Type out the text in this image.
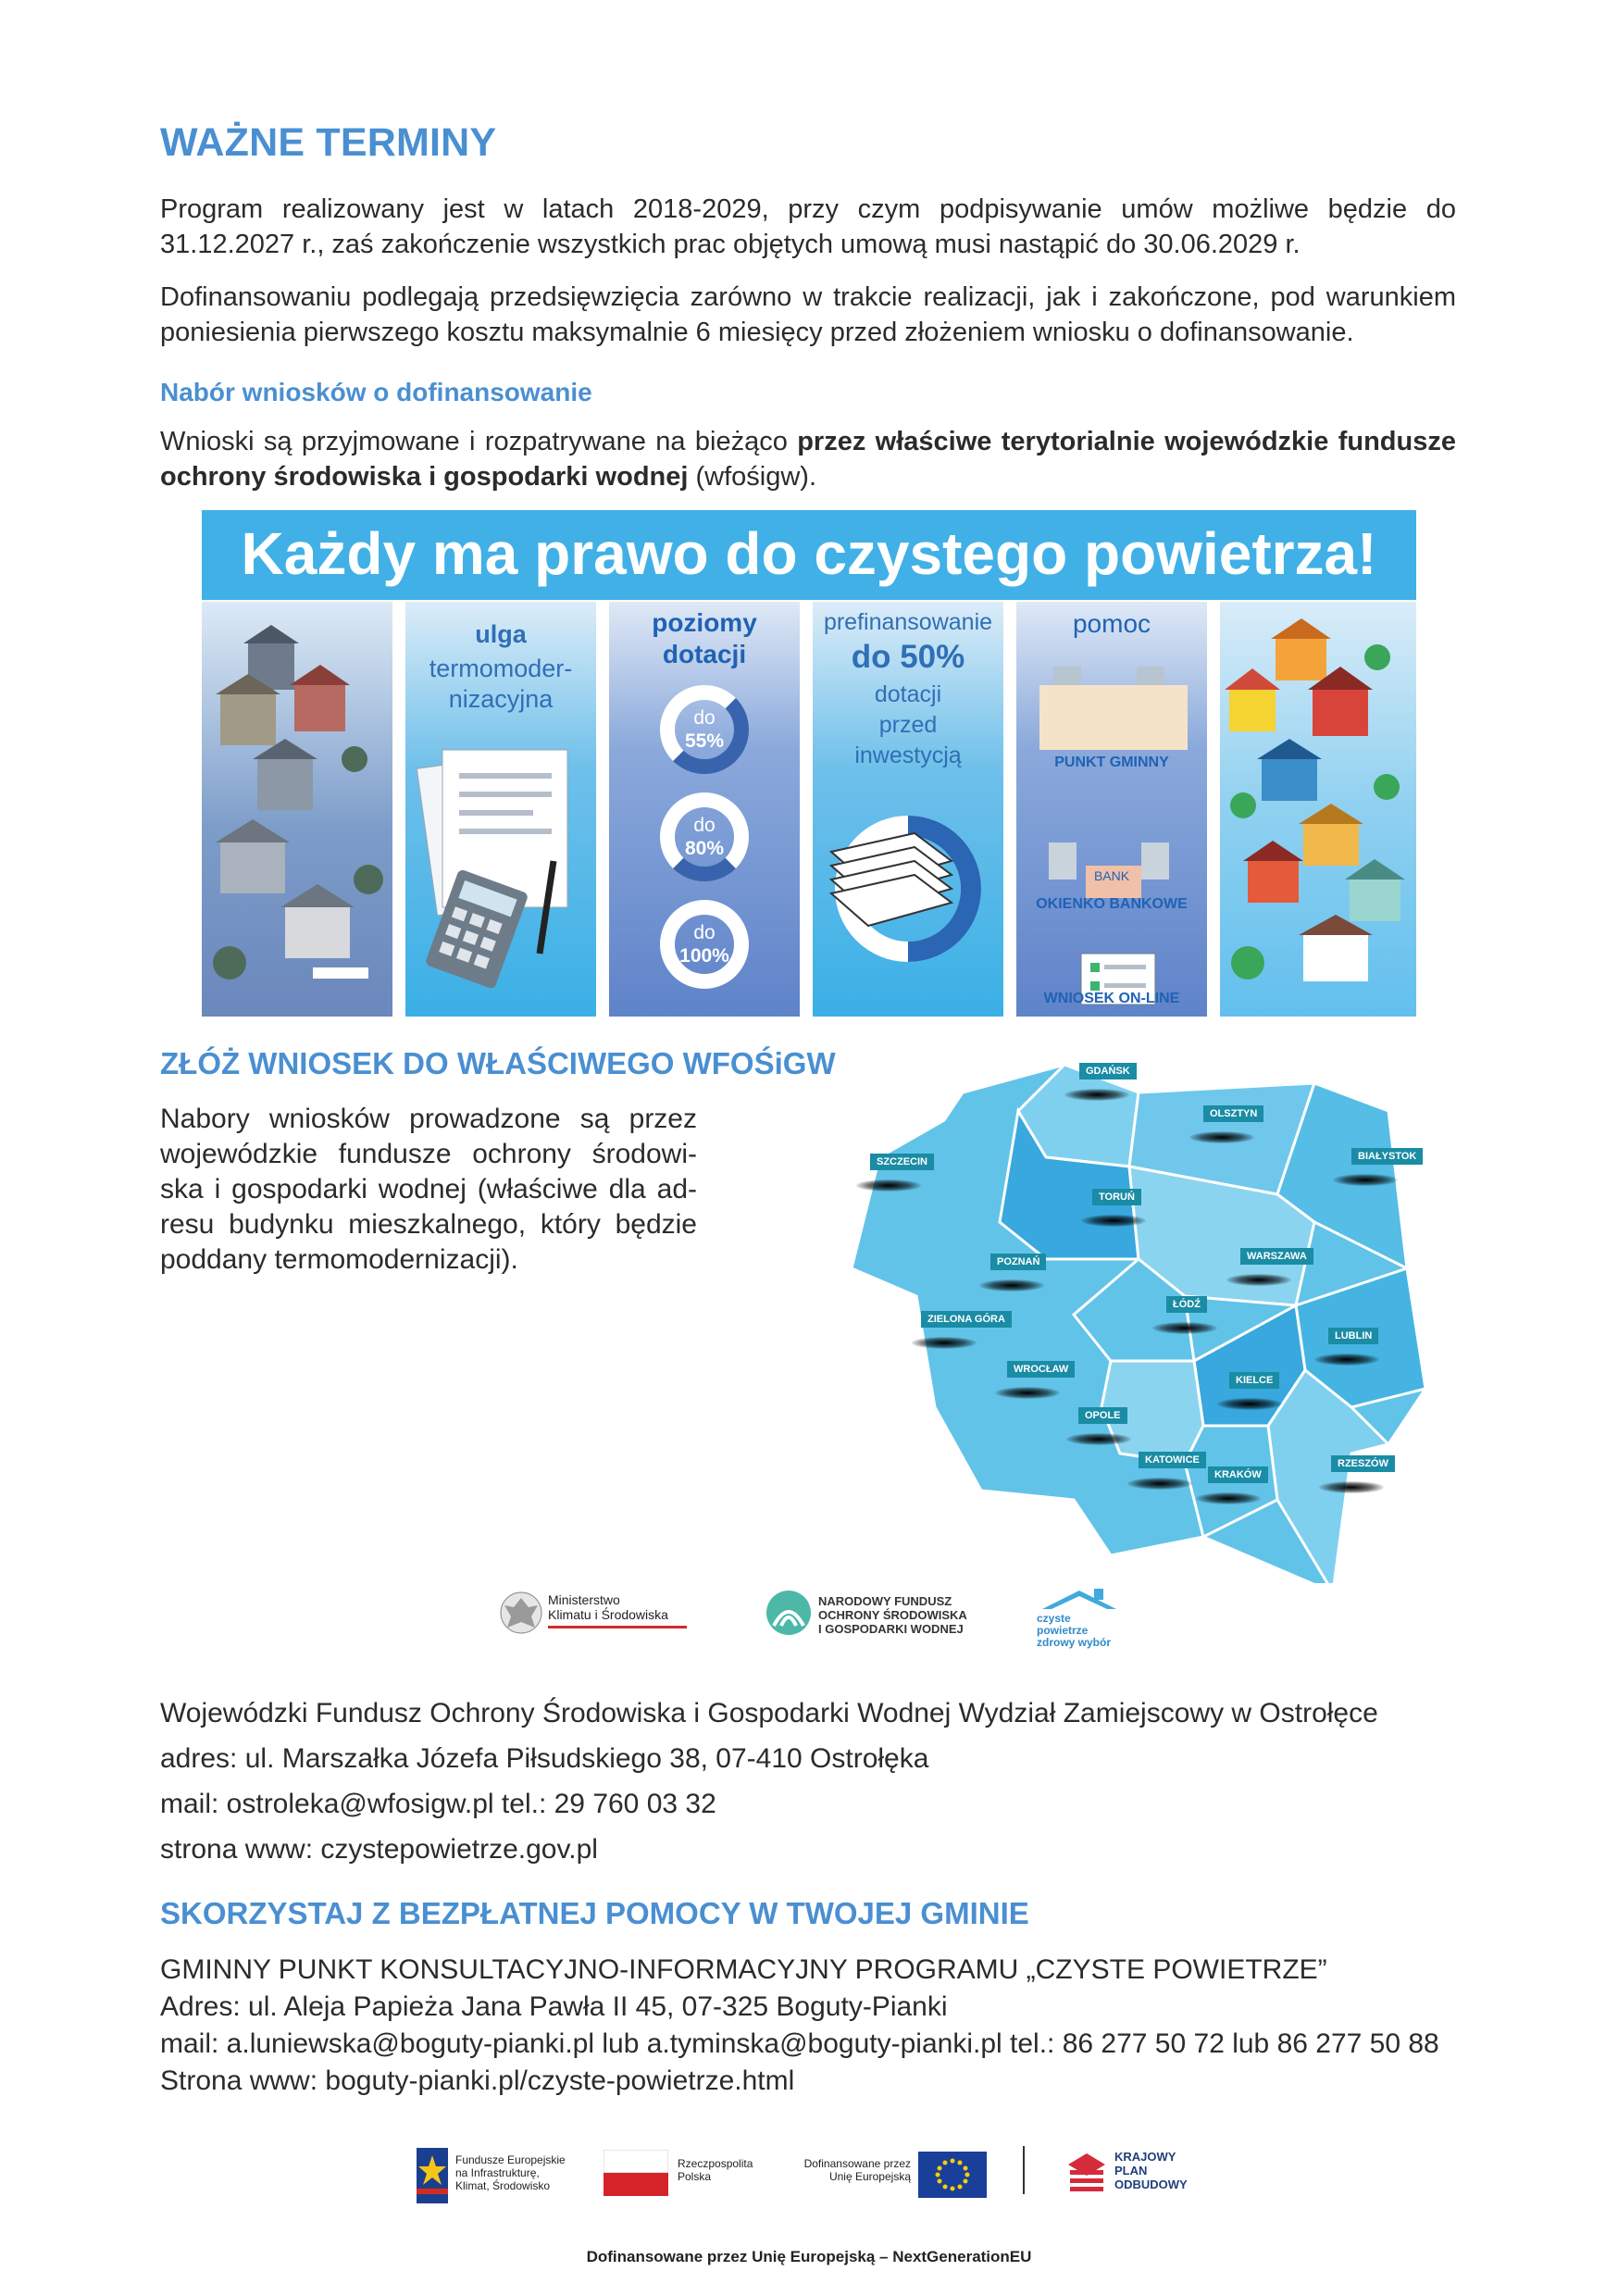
WAŻNE TERMINY
Program realizowany jest w latach 2018-2029, przy czym podpisywanie umów możliwe będzie do
31.12.2027 r., zaś zakończenie wszystkich prac objętych umową musi nastąpić do 30.06.2029 r.
Dofinansowaniu podlegają przedsięwzięcia zarówno w trakcie realizacji, jak i zakończone, pod warunkiem
poniesienia pierwszego kosztu maksymalnie 6 miesięcy przed złożeniem wniosku o dofinansowanie.
Nabór wniosków o dofinansowanie
Wnioski są przyjmowane i rozpatrywane na bieżąco przez właściwe terytorialnie wojewódzkie fundusze
ochrony środowiska i gospodarki wodnej (wfośigw).
Każdy ma prawo do czystego powietrza!
ulga
termomoder-
nizacyjna
poziomy
dotacji
do
55%
do
80%
do
100%
prefinansowanie
do 50%
dotacji
przed
inwestycją
pomoc
PUNKT GMINNY
BANK
OKIENKO BANKOWE
WNIOSEK ON-LINE
ZŁÓŻ WNIOSEK DO WŁAŚCIWEGO WFOŚiGW
Nabory wniosków prowadzone są przez
wojewódzkie fundusze ochrony środowi-
ska i gospodarki wodnej (właściwe dla ad-
resu budynku mieszkalnego, który będzie
poddany termomodernizacji).
GDAŃSK
OLSZTYN
BIAŁYSTOK
SZCZECIN
TORUŃ
POZNAŃ	WARSZAWA
ŁÓDŹ
ZIELONA GÓRA
LUBLIN
WROCŁAW
KIELCE
OPOLE
KATOWICE
KRAKÓW
RZESZÓW
Ministerstwo
Klimatu i Środowiska
NARODOWY FUNDUSZ
OCHRONY ŚRODOWISKA
I GOSPODARKI WODNEJ
czyste powietrze
zdrowy wybór
Wojewódzki Fundusz Ochrony Środowiska i Gospodarki Wodnej Wydział Zamiejscowy w Ostrołęce
adres: ul. Marszałka Józefa Piłsudskiego 38, 07-410 Ostrołęka
mail: ostroleka@wfosigw.pl tel.: 29 760 03 32
strona www: czystepowietrze.gov.pl
SKORZYSTAJ Z BEZPŁATNEJ POMOCY W TWOJEJ GMINIE
GMINNY PUNKT KONSULTACYJNO-INFORMACYJNY PROGRAMU „CZYSTE POWIETRZE”
Adres: ul. Aleja Papieża Jana Pawła II 45, 07-325 Boguty-Pianki
mail: a.luniewska@boguty-pianki.pl lub a.tyminska@boguty-pianki.pl tel.: 86 277 50 72 lub 86 277 50 88
Strona www: boguty-pianki.pl/czyste-powietrze.html
Fundusze Europejskie
na Infrastrukturę,
Klimat, Środowisko
Rzeczpospolita
Polska
Dofinansowane przez
Unię Europejską
KRAJOWY
PLAN
ODBUDOWY
Dofinansowane przez Unię Europejską – NextGenerationEU
